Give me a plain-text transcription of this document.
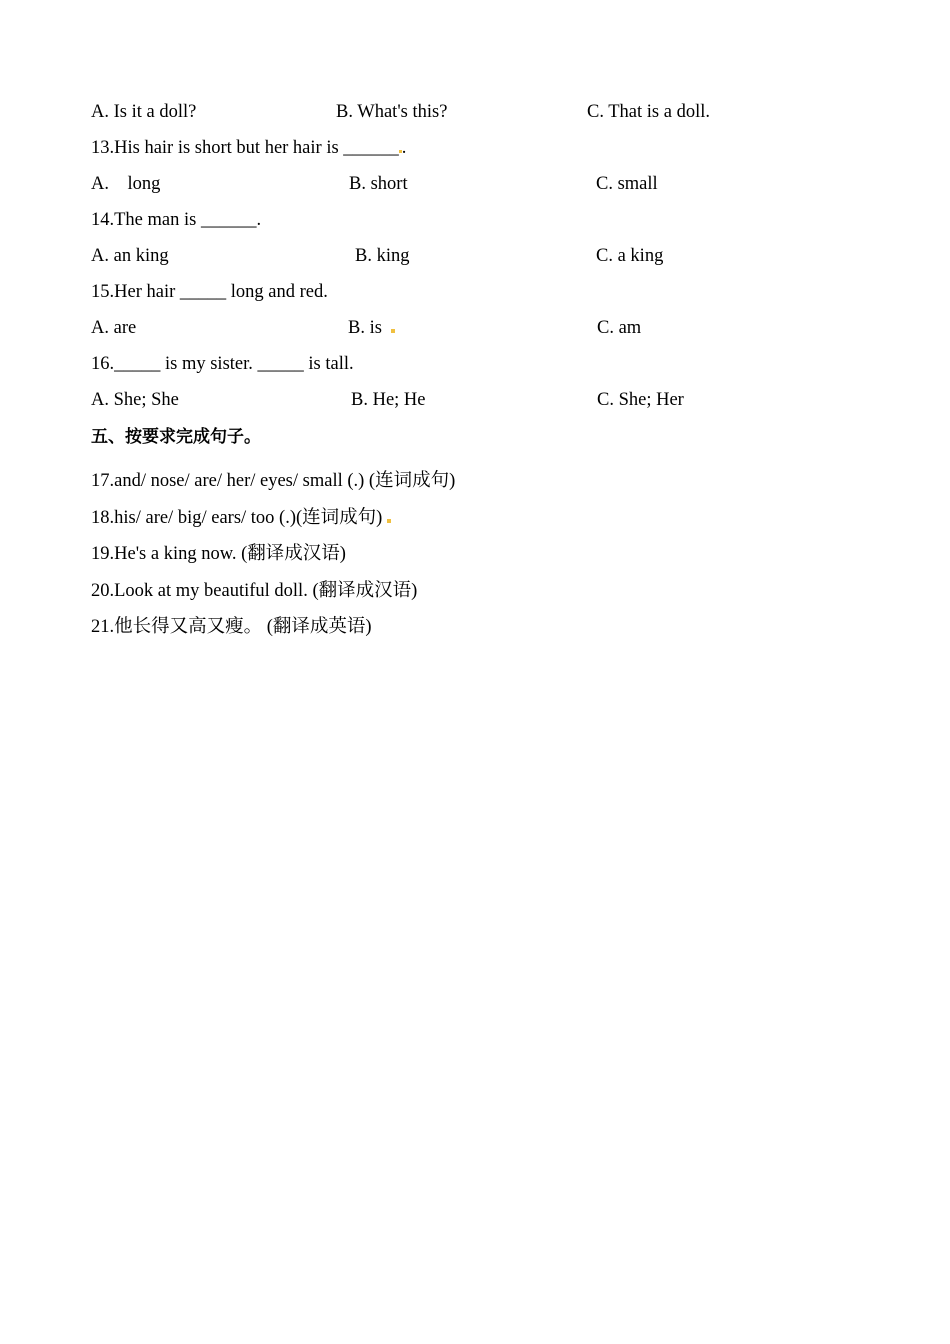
A. Is it a doll?

	B. What's this?

	C. That is a doll.

13.His hair is short but her hair is ______ .

A.    long

	B. short

	C. small

14.The man is ______.

A. an king

	B. king

	C. a king

15.Her hair _____ long and red.

A. are

	B. is

	C. am

16._____ is my sister. _____ is tall.

A. She; She

	B. He; He

	C. She; Her

五、按要求完成句子。
17.and/ nose/ are/ her/ eyes/ small (.) (连词成句)
18.his/ are/ big/ ears/ too (.)(连词成句)
19.He's a king now. (翻译成汉语)
20.Look at my beautiful doll. (翻译成汉语)
21.他长得又高又瘦。 (翻译成英语)
